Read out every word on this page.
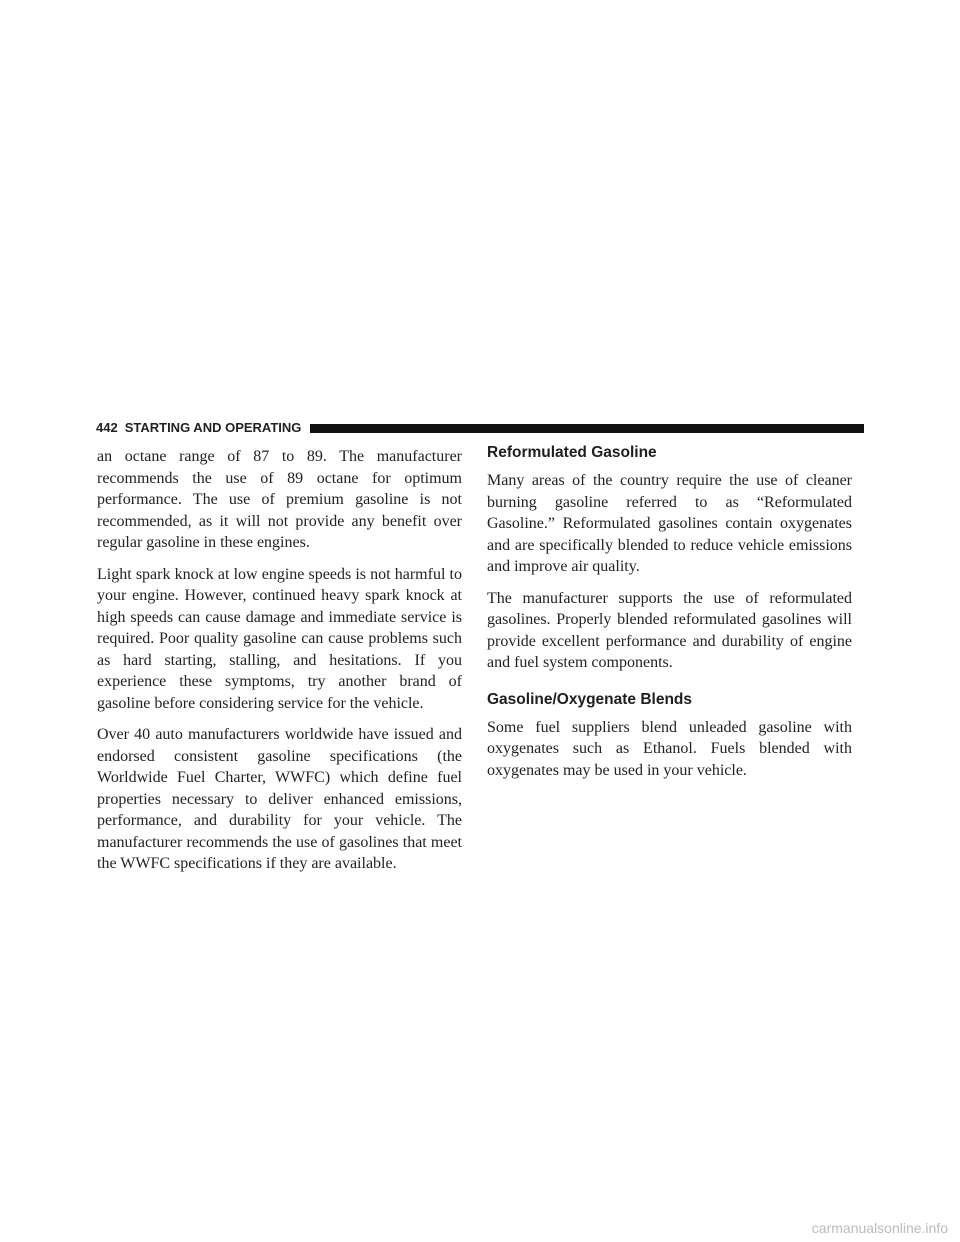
442 STARTING AND OPERATING

an octane range of 87 to 89. The manufacturer recommends the use of 89 octane for optimum performance. The use of premium gasoline is not recommended, as it will not provide any benefit over regular gasoline in these engines.

Light spark knock at low engine speeds is not harmful to your engine. However, continued heavy spark knock at high speeds can cause damage and immediate service is required. Poor quality gasoline can cause problems such as hard starting, stalling, and hesitations. If you experience these symptoms, try another brand of gasoline before considering service for the vehicle.

Over 40 auto manufacturers worldwide have issued and endorsed consistent gasoline specifications (the Worldwide Fuel Charter, WWFC) which define fuel properties necessary to deliver enhanced emissions, performance, and durability for your vehicle. The manufacturer recommends the use of gasolines that meet the WWFC specifications if they are available.

Reformulated Gasoline

Many areas of the country require the use of cleaner burning gasoline referred to as “Reformulated Gasoline.” Reformulated gasolines contain oxygenates and are specifically blended to reduce vehicle emissions and improve air quality.

The manufacturer supports the use of reformulated gasolines. Properly blended reformulated gasolines will provide excellent performance and durability of engine and fuel system components.

Gasoline/Oxygenate Blends

Some fuel suppliers blend unleaded gasoline with oxygenates such as Ethanol. Fuels blended with oxygenates may be used in your vehicle.

carmanualsonline.info
